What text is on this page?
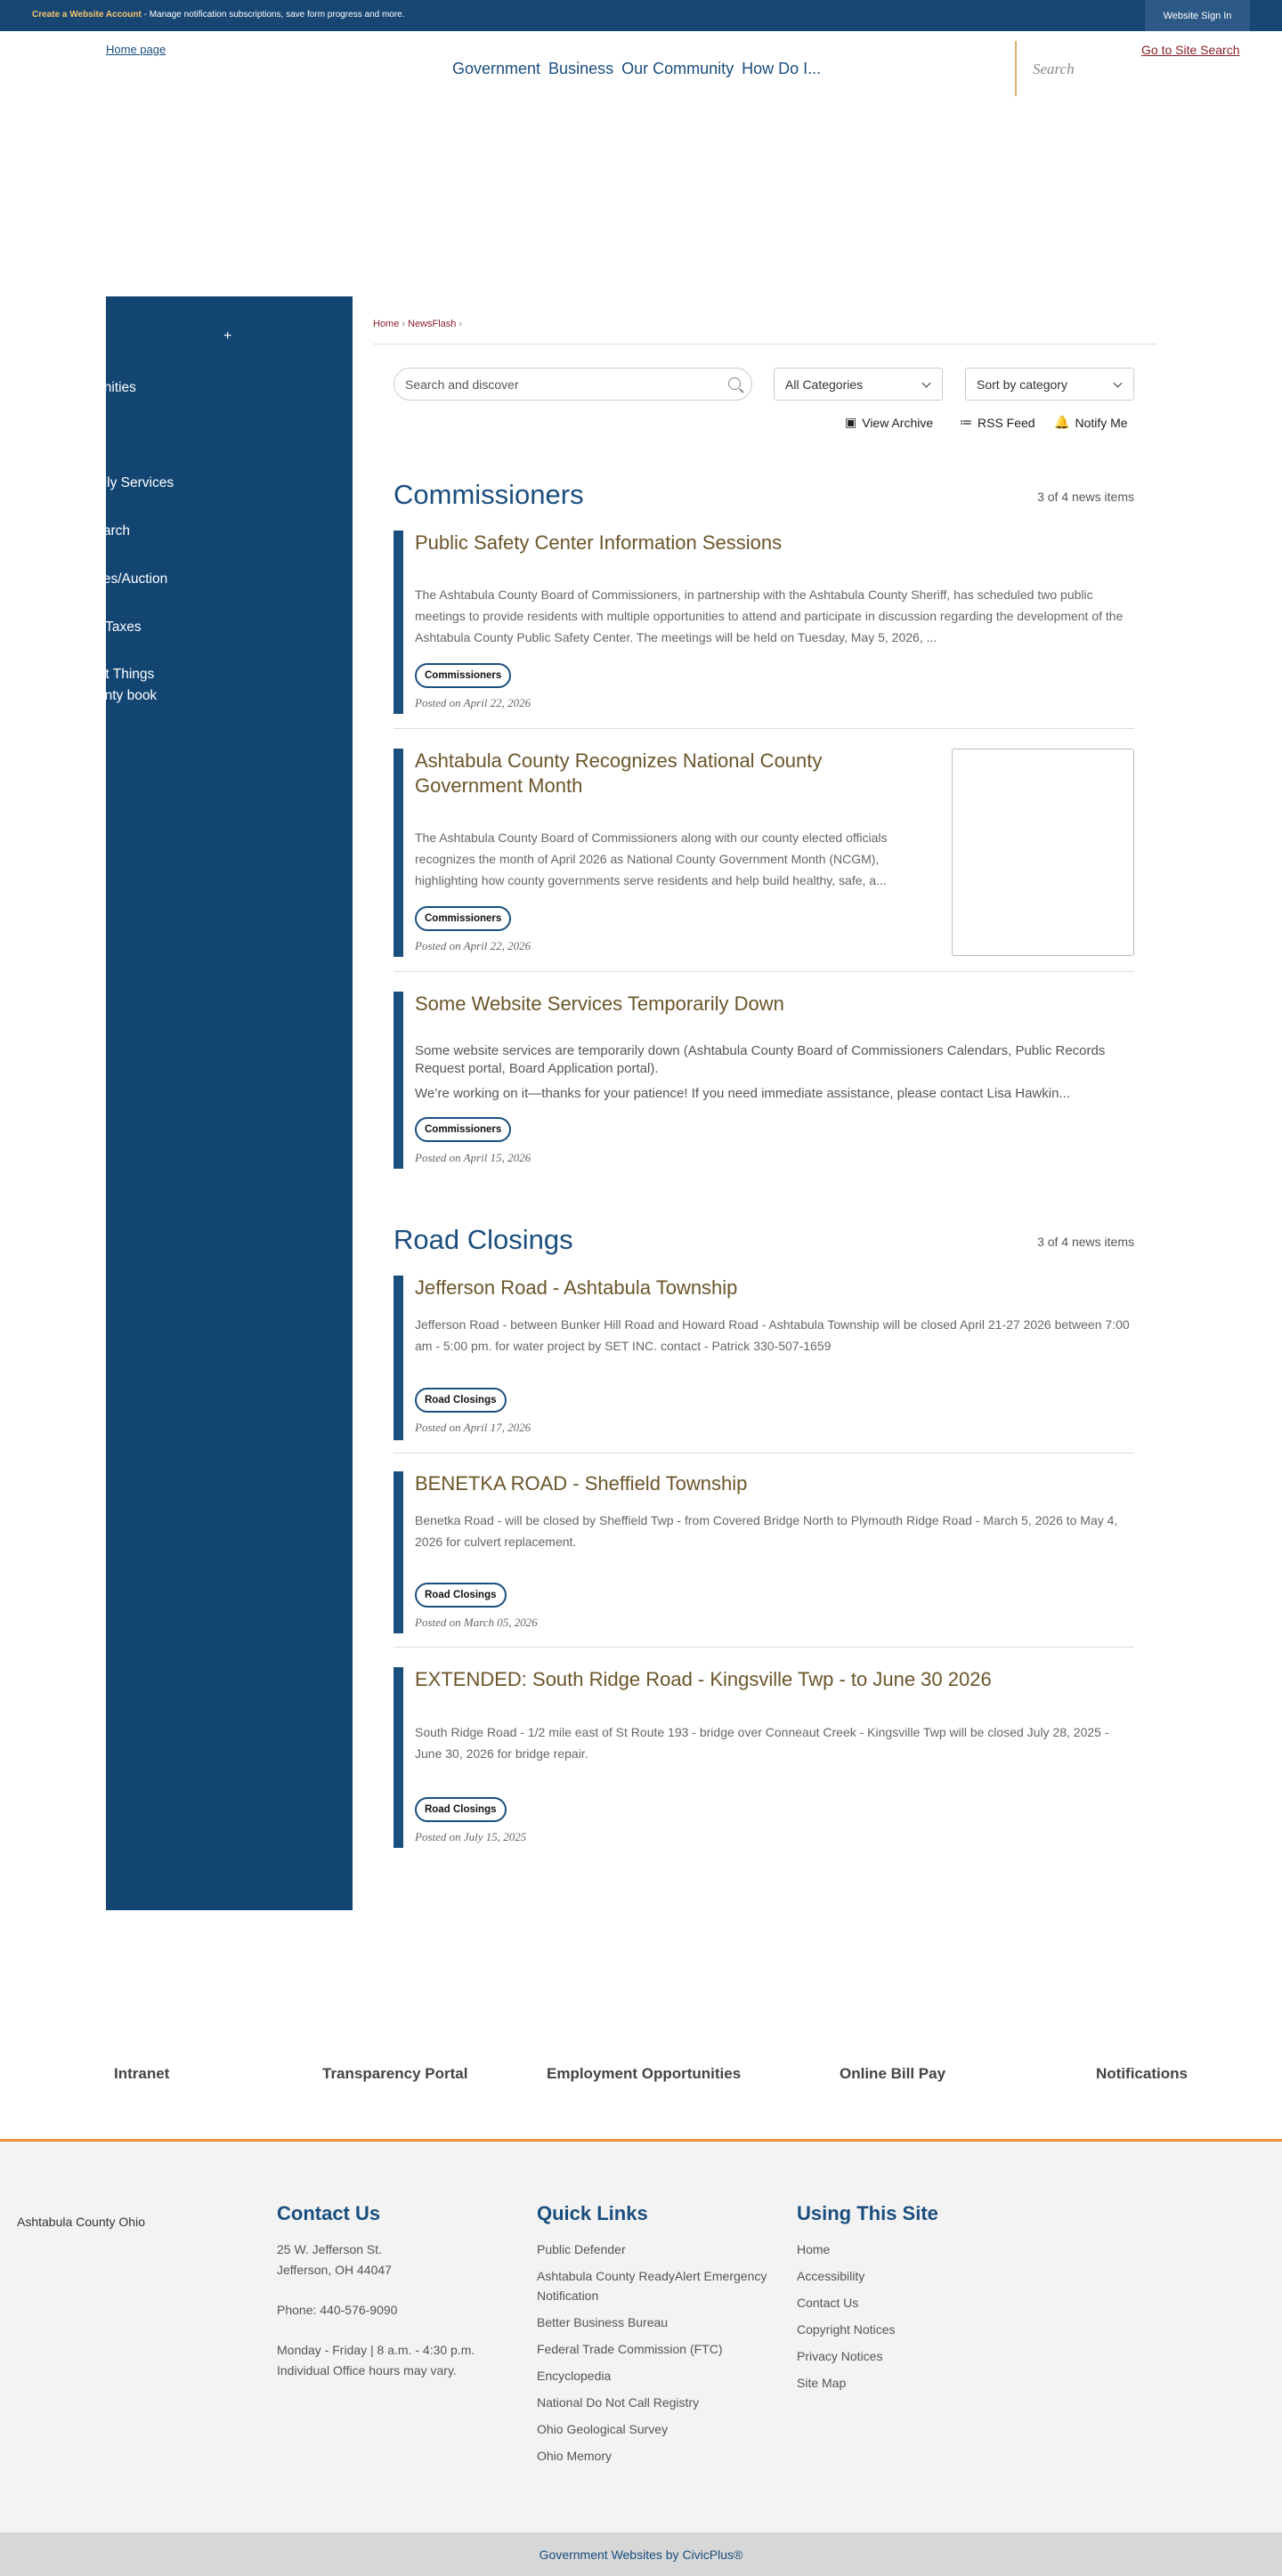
Create a Website Account - Manage notification subscriptions, save form progress and more.	Website Sign In
Home page
Government Business Our Community How Do I...	Search
Go to Site Search
Intranet	+
Bid Opportunities
GIS
Jobs & Family Services
Property Search
Public Notices/Auction
Real Estate Taxes
Where Great Things Happen county book
Home › NewsFlash ›
Search and discover	All Categories	Sort by category
▣ View Archive ≔ RSS Feed 🔔 Notify Me
Commissioners	3 of 4 news items
Public Safety Center Information Sessions
The Ashtabula County Board of Commissioners, in partnership with the Ashtabula County Sheriff, has scheduled two public meetings to provide residents with multiple opportunities to attend and participate in discussion regarding the development of the Ashtabula County Public Safety Center. The meetings will be held on Tuesday, May 5, 2026, ...
Commissioners
Posted on April 22, 2026
Ashtabula County Recognizes National County Government Month
The Ashtabula County Board of Commissioners along with our county elected officials recognizes the month of April 2026 as National County Government Month (NCGM), highlighting how county governments serve residents and help build healthy, safe, a...
Commissioners
Posted on April 22, 2026
Some Website Services Temporarily Down
Some website services are temporarily down (Ashtabula County Board of Commissioners Calendars, Public Records Request portal, Board Application portal).
We’re working on it—thanks for your patience! If you need immediate assistance, please contact Lisa Hawkin...
Commissioners
Posted on April 15, 2026
Road Closings	3 of 4 news items
Jefferson Road - Ashtabula Township
Jefferson Road - between Bunker Hill Road and Howard Road - Ashtabula Township will be closed April 21-27 2026 between 7:00 am - 5:00 pm. for water project by SET INC. contact - Patrick 330-507-1659
Road Closings
Posted on April 17, 2026
BENETKA ROAD - Sheffield Township
Benetka Road - will be closed by Sheffield Twp - from Covered Bridge North to Plymouth Ridge Road - March 5, 2026 to May 4, 2026 for culvert replacement.
Road Closings
Posted on March 05, 2026
EXTENDED: South Ridge Road - Kingsville Twp - to June 30 2026
South Ridge Road - 1/2 mile east of St Route 193 - bridge over Conneaut Creek - Kingsville Twp will be closed July 28, 2025 - June 30, 2026 for bridge repair.
Road Closings
Posted on July 15, 2025
Intranet	Transparency Portal	Employment Opportunities	Online Bill Pay	Notifications
Ashtabula County Ohio	Contact Us
25 W. Jefferson St.
Jefferson, OH 44047
Phone: 440-576-9090
Monday - Friday | 8 a.m. - 4:30 p.m.
Individual Office hours may vary.
Quick Links
Public Defender
Ashtabula County ReadyAlert Emergency Notification
Better Business Bureau
Federal Trade Commission (FTC)
Encyclopedia
National Do Not Call Registry
Ohio Geological Survey
Ohio Memory
Using This Site
Home
Accessibility
Contact Us
Copyright Notices
Privacy Notices
Site Map
Government Websites by CivicPlus®
